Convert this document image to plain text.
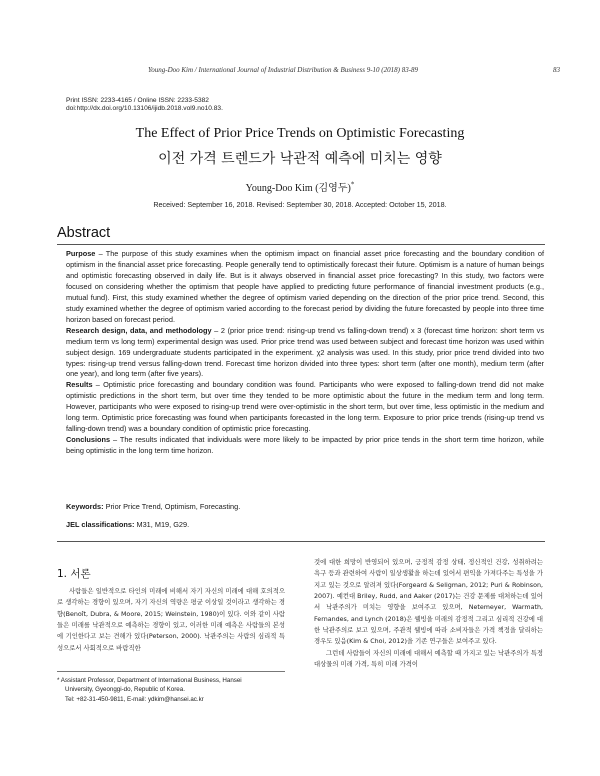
Young-Doo Kim / International Journal of Industrial Distribution & Business 9-10 (2018) 83-89	83
Print ISSN: 2233-4165 / Online ISSN: 2233-5382
doi:http://dx.doi.org/10.13106/ijidb.2018.vol9.no10.83.
The Effect of Prior Price Trends on Optimistic Forecasting
이전 가격 트렌드가 낙관적 예측에 미치는 영향
Young-Doo Kim (김영두)*
Received: September 16, 2018. Revised: September 30, 2018. Accepted: October 15, 2018.
Abstract

Purpose – The purpose of this study examines when the optimism impact on financial asset price forecasting and the boundary condition of optimism in the financial asset price forecasting. People generally tend to optimistically forecast their future. Optimism is a nature of human beings and optimistic forecasting observed in daily life. But is it always observed in financial asset price forecasting? In this study, two factors were focused on considering whether the optimism that people have applied to predicting future performance of financial investment products (e.g., mutual fund). First, this study examined whether the degree of optimism varied depending on the direction of the prior price trend. Second, this study examined whether the degree of optimism varied according to the forecast period by dividing the future forecasted by people into three time horizon based on forecast period.

Research design, data, and methodology – 2 (prior price trend: rising-up trend vs falling-down trend) x 3 (forecast time horizon: short term vs medium term vs long term) experimental design was used. Prior price trend was used between subject and forecast time horizon was used within subject design. 169 undergraduate students participated in the experiment. χ2 analysis was used. In this study, prior price trend divided into two types: rising-up trend versus falling-down trend. Forecast time horizon divided into three types: short term (after one month), medium term (after one year), and long term (after five years).

Results – Optimistic price forecasting and boundary condition was found. Participants who were exposed to falling-down trend did not make optimistic predictions in the short term, but over time they tended to be more optimistic about the future in the medium term and long term. However, participants who were exposed to rising-up trend were over-optimistic in the short term, but over time, less optimistic in the medium and long term. Optimistic price forecasting was found when participants forecasted in the long term. Exposure to prior price trends (rising-up trend vs falling-down trend) was a boundary condition of optimistic price forecasting.

Conclusions – The results indicated that individuals were more likely to be impacted by prior price tends in the short term time horizon, while being optimistic in the long term time horizon.

Keywords: Prior Price Trend, Optimism, Forecasting.
JEL classifications: M31, M19, G29.
1. 서론

사람들은 일반적으로 타인의 미래에 비해서 자기 자신의 미래에 대해 호의적으로 생각하는 경향이 있으며, 자기 자신의 역량은 평균 이상일 것이라고 생각하는 경향(Benoît, Dubra, & Moore, 2015; Weinstein, 1980)이 있다. 이와 같이 사람들은 미래를 낙관적으로 예측하는 경향이 있고, 이러한 미래 예측은 사람들의 본성에 기인한다고 보는 견해가 있다(Peterson, 2000). 낙관주의는 사람의 심리적 특성으로서 사회적으로 바람직한

것에 대한 희망이 반영되어 있으며, 긍정적 감정 상태, 정신적인 건강, 성취하려는 욕구 등과 관련하여 사람이 일상생활을 하는데 있어서 편익을 가져다주는 특성을 가지고 있는 것으로 알려져 있다(Forgeard & Seligman, 2012; Puri & Robinson, 2007). 예컨대 Briley, Rudd, and Aaker (2017)는 건강 문제를 대처하는데 있어서 낙관주의가 미치는 영향을 보여주고 있으며, Netemeyer, Warmath, Fernandes, and Lynch (2018)은 웰빙을 미래의 감정적 그리고 심리적 건강에 대한 낙관주의로 보고 있으며, 주관적 웰빙에 따라 소비자들은 가격 책정을 달리하는 경우도 있음(Kim & Choi, 2012)을 기존 연구들은 보여주고 있다.

그런데 사람들이 자신의 미래에 대해서 예측할 때 가지고 있는 낙관주의가 특정 대상물의 미래 가격, 특히 미래 가격이

* Assistant Professor, Department of International Business, Hansei
University, Gyeonggi-do, Republic of Korea.
Tel: +82-31-450-9811, E-mail: ydkim@hansei.ac.kr
